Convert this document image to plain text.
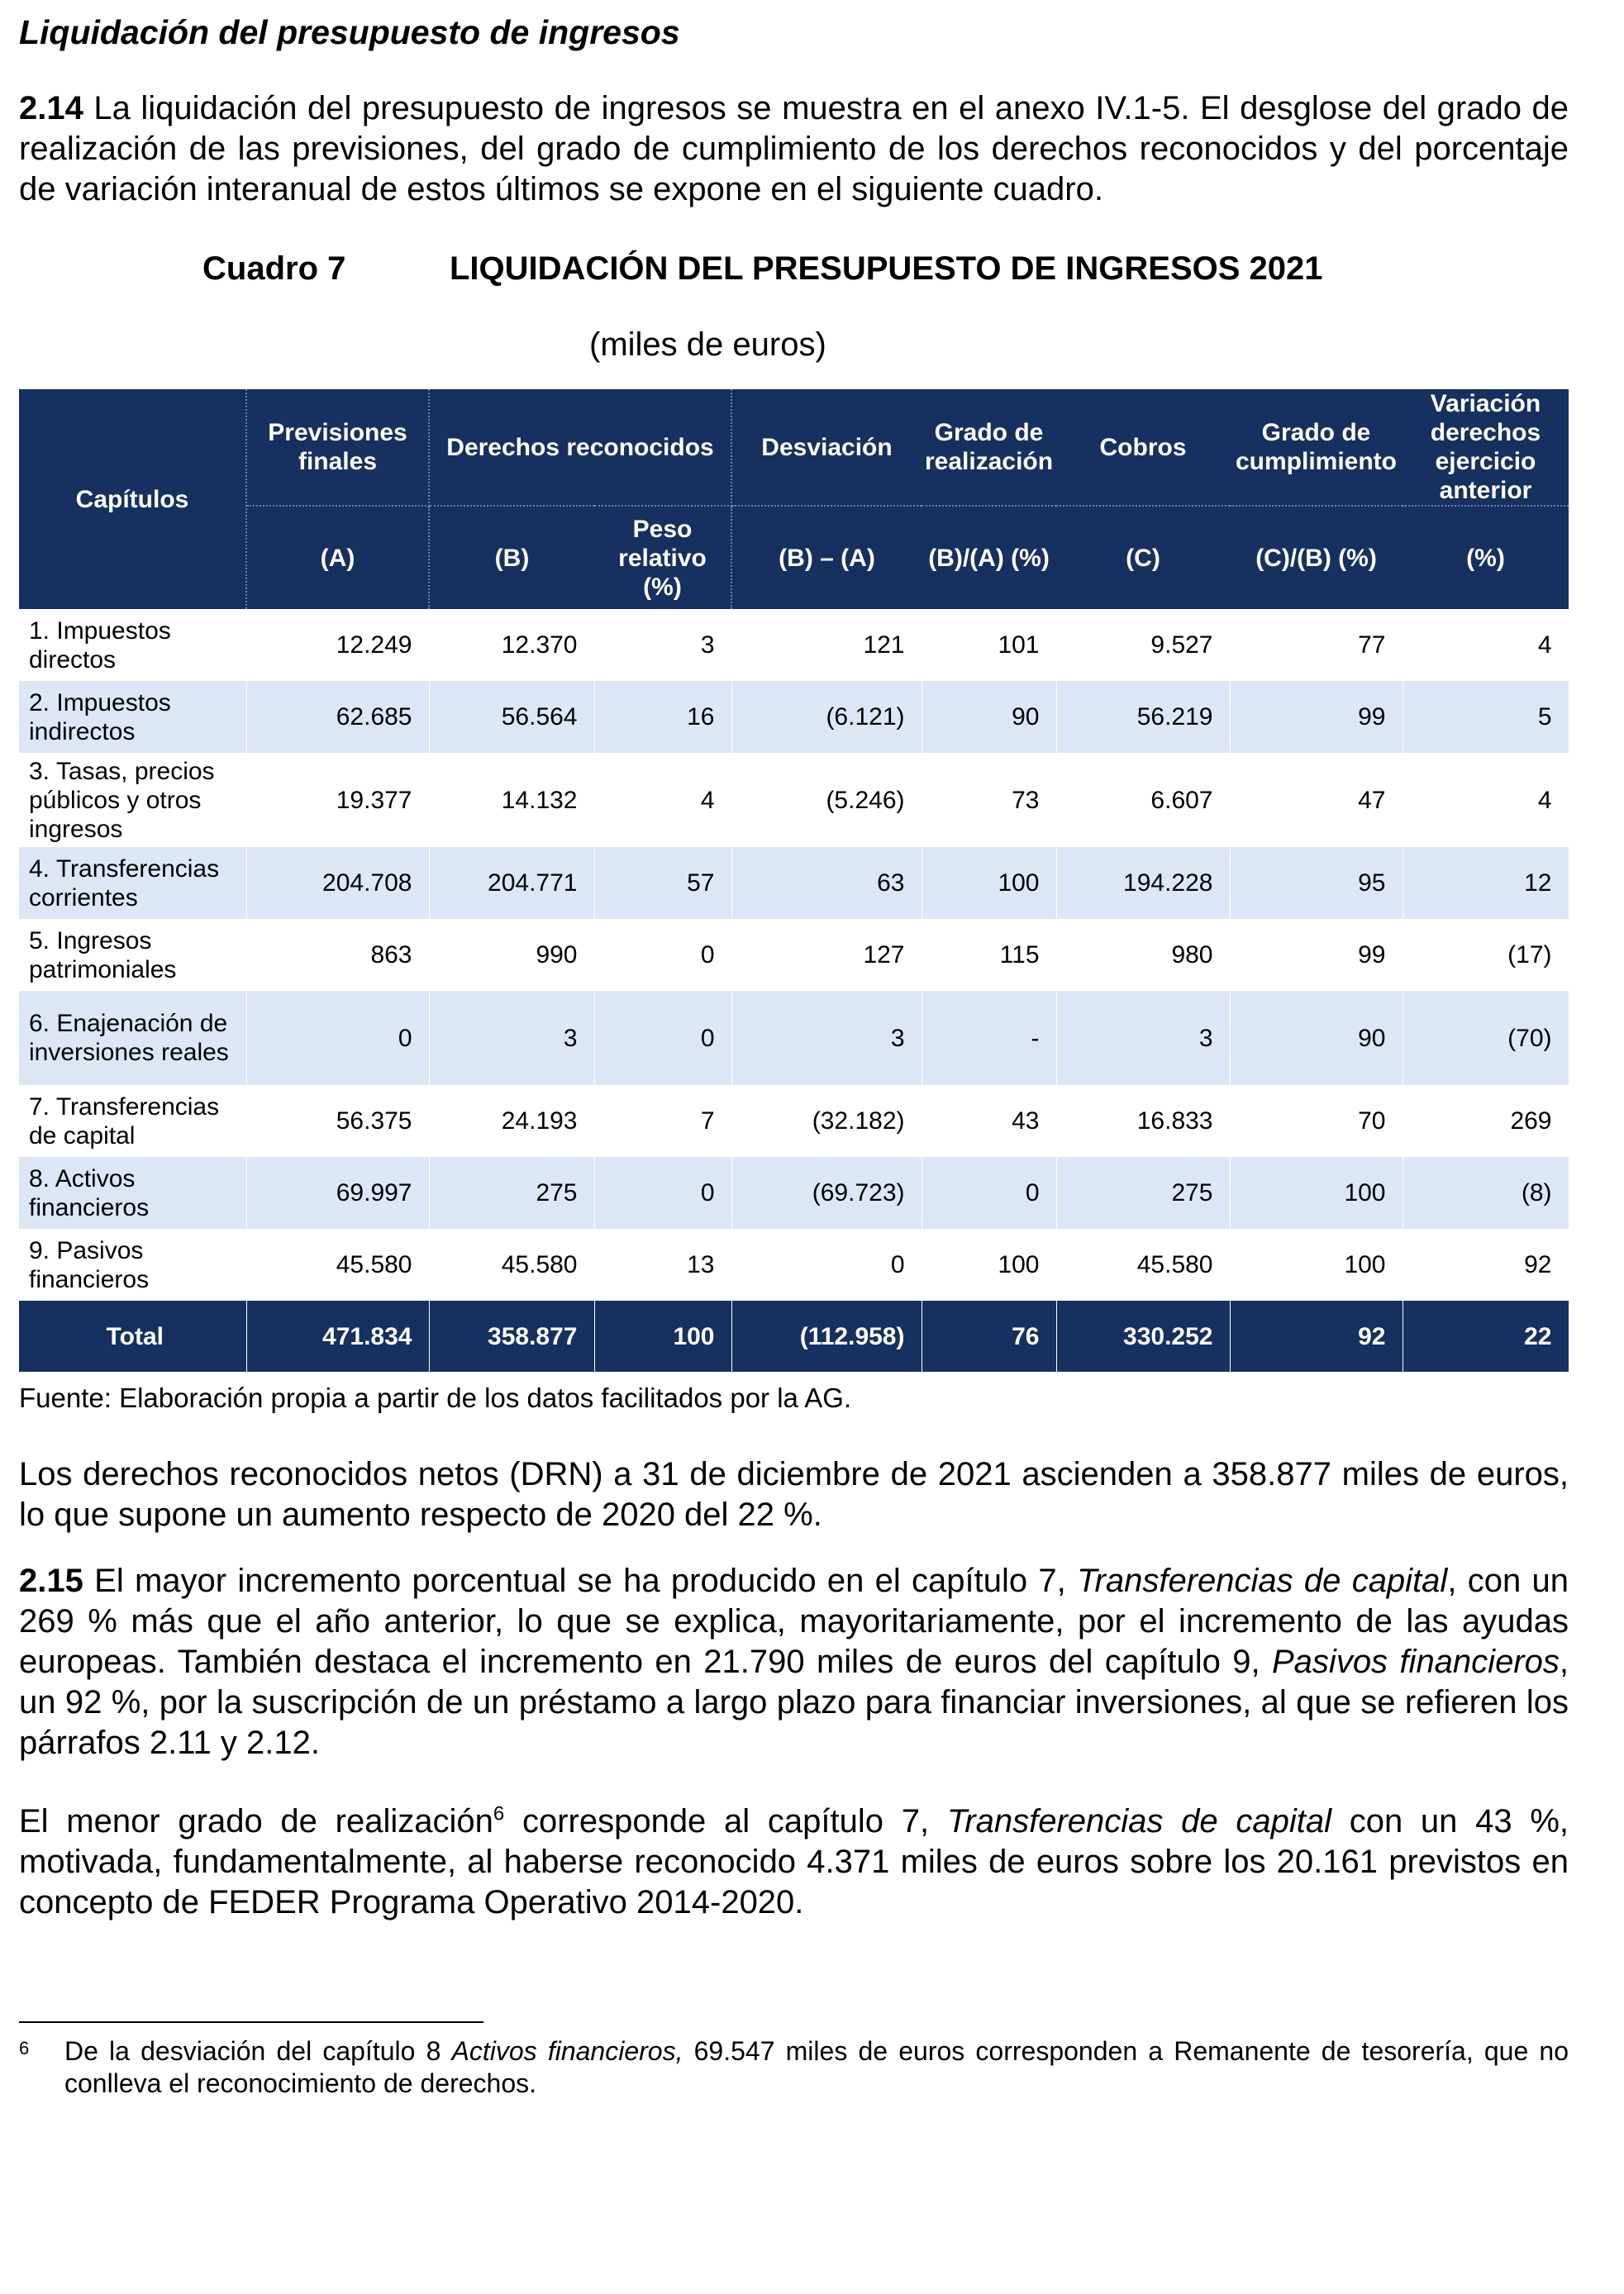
Liquidación del presupuesto de ingresos
2.14 La liquidación del presupuesto de ingresos se muestra en el anexo IV.1-5. El desglose del grado de realización de las previsiones, del grado de cumplimiento de los derechos reconocidos y del porcentaje de variación interanual de estos últimos se expone en el siguiente cuadro.
Cuadro 7	LIQUIDACIÓN DEL PRESUPUESTO DE INGRESOS 2021
(miles de euros)
Capítulos	Previsiones finales	Derechos reconocidos		Desviación	Grado de realización	Cobros	Grado de cumplimiento	Variación derechos ejercicio anterior
	(A)	(B)	Peso relativo (%)	(B) – (A)	(B)/(A) (%)	(C)	(C)/(B) (%)	(%)
1. Impuestos directos	12.249	12.370	3	121	101	9.527	77	4
2. Impuestos indirectos	62.685	56.564	16	(6.121)	90	56.219	99	5
3. Tasas, precios públicos y otros ingresos	19.377	14.132	4	(5.246)	73	6.607	47	4
4. Transferencias corrientes	204.708	204.771	57	63	100	194.228	95	12
5. Ingresos patrimoniales	863	990	0	127	115	980	99	(17)
6. Enajenación de inversiones reales	0	3	0	3	-	3	90	(70)
7. Transferencias de capital	56.375	24.193	7	(32.182)	43	16.833	70	269
8. Activos financieros	69.997	275	0	(69.723)	0	275	100	(8)
9. Pasivos financieros	45.580	45.580	13	0	100	45.580	100	92
Total	471.834	358.877	100	(112.958)	76	330.252	92	22
Fuente: Elaboración propia a partir de los datos facilitados por la AG.
Los derechos reconocidos netos (DRN) a 31 de diciembre de 2021 ascienden a 358.877 miles de euros, lo que supone un aumento respecto de 2020 del 22 %.
2.15 El mayor incremento porcentual se ha producido en el capítulo 7, Transferencias de capital, con un 269 % más que el año anterior, lo que se explica, mayoritariamente, por el incremento de las ayudas europeas. También destaca el incremento en 21.790 miles de euros del capítulo 9, Pasivos financieros, un 92 %, por la suscripción de un préstamo a largo plazo para financiar inversiones, al que se refieren los párrafos 2.11 y 2.12.
El menor grado de realización$^6$ corresponde al capítulo 7, Transferencias de capital con un 43 %, motivada, fundamentalmente, al haberse reconocido 4.371 miles de euros sobre los 20.161 previstos en concepto de FEDER Programa Operativo 2014-2020.
6 De la desviación del capítulo 8 Activos financieros, 69.547 miles de euros corresponden a Remanente de tesorería, que no conlleva el reconocimiento de derechos.
